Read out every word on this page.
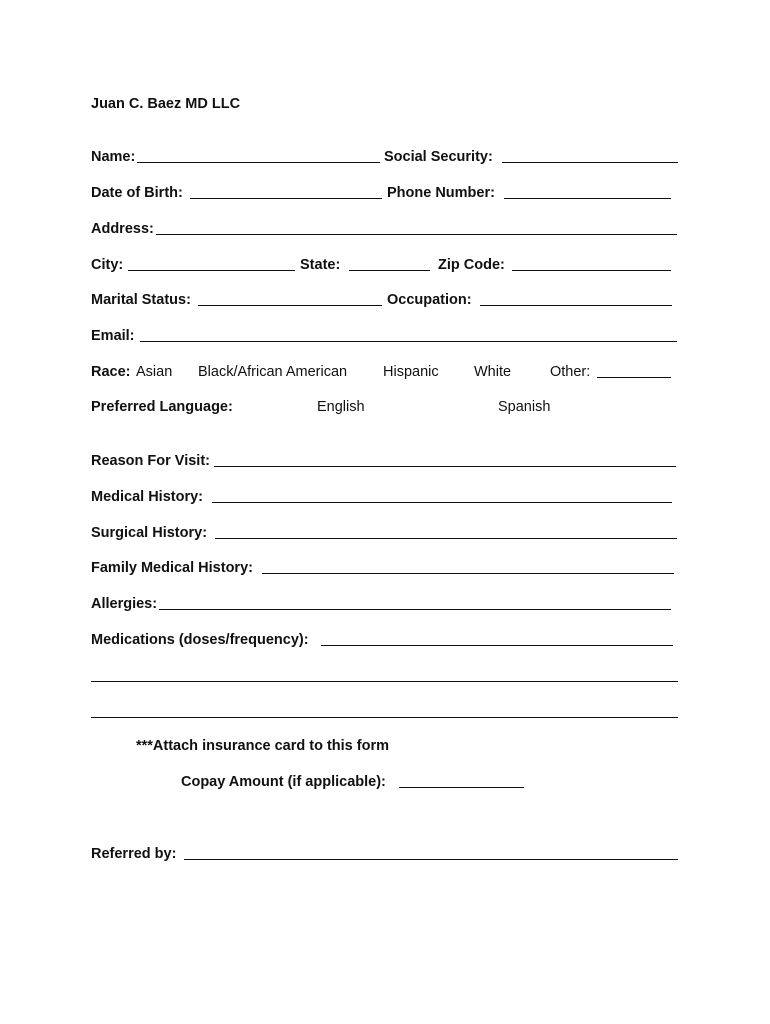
Juan C. Baez MD LLC
Name:	Social Security:
Date of Birth:	Phone Number:
Address:
City:	State:	Zip Code:
Marital Status:	Occupation:
Email:
Race: Asian Black/African American Hispanic White	Other:
Preferred Language:	English	Spanish
Reason For Visit:
Medical History:
Surgical History:
Family Medical History:
Allergies:
Medications (doses/frequency):
***Attach insurance card to this form
Copay Amount (if applicable):
Referred by:
